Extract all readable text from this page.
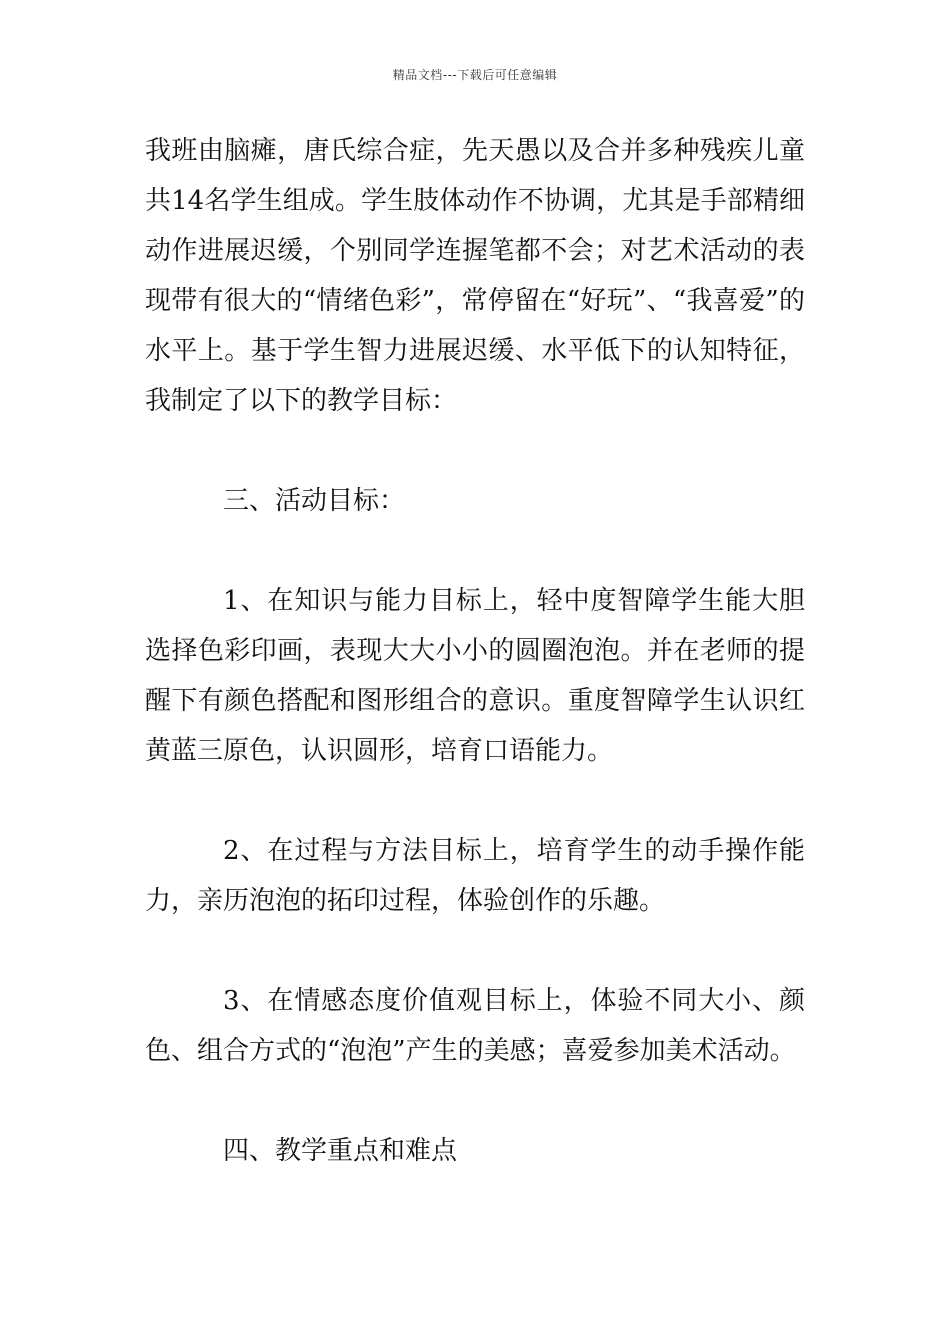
精品文档---下载后可任意编辑

我班由脑瘫，唐氏综合症，先天愚以及合并多种残疾儿童共14名学生组成。学生肢体动作不协调，尤其是手部精细动作进展迟缓，个别同学连握笔都不会；对艺术活动的表现带有很大的“情绪色彩”，常停留在“好玩”、“我喜爱”的水平上。基于学生智力进展迟缓、水平低下的认知特征，我制定了以下的教学目标：

三、活动目标：

1、在知识与能力目标上，轻中度智障学生能大胆选择色彩印画，表现大大小小的圆圈泡泡。并在老师的提醒下有颜色搭配和图形组合的意识。重度智障学生认识红黄蓝三原色，认识圆形，培育口语能力。

2、在过程与方法目标上，培育学生的动手操作能力，亲历泡泡的拓印过程，体验创作的乐趣。

3、在情感态度价值观目标上，体验不同大小、颜色、组合方式的“泡泡”产生的美感；喜爱参加美术活动。

四、教学重点和难点
